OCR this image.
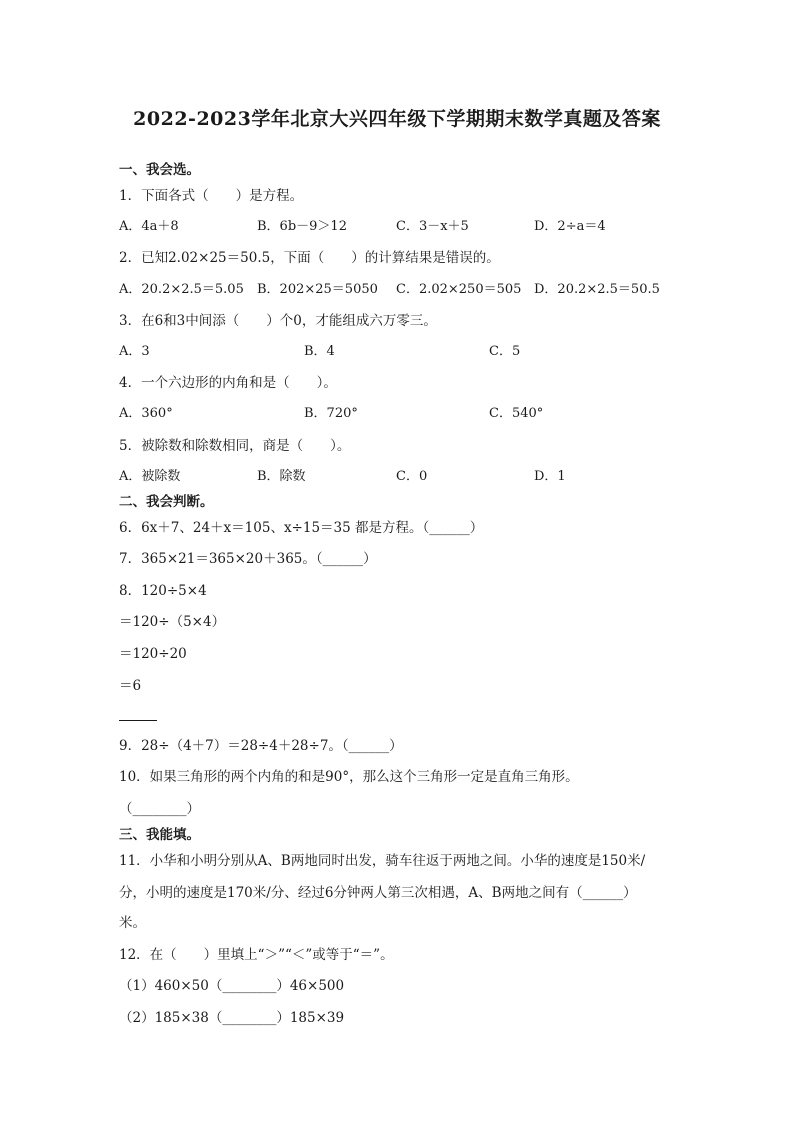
2022-2023学年北京大兴四年级下学期期末数学真题及答案
一、我会选。
1．下面各式（　　）是方程。
A．4a＋8	B．6b－9＞12	C．3－x＋5	D．2÷a＝4
2．已知2.02×25＝50.5，下面（　　）的计算结果是错误的。
A．20.2×2.5＝5.05 B．202×25＝5050 C．2.02×250＝505 D．20.2×2.5＝50.5
3．在6和3中间添（　　）个0，才能组成六万零三。
A．3	B．4	C．5
4．一个六边形的内角和是（　　）。
A．360°	B．720°	C．540°
5．被除数和除数相同，商是（　　）。
A．被除数	B．除数	C．0	D．1
二、我会判断。
6．6x＋7、24＋x＝105、x÷15＝35 都是方程。（______）
7．365×21＝365×20＋365。（______）
8．120÷5×4
＝120÷（5×4）
＝120÷20
＝6
9．28÷（4＋7）＝28÷4＋28÷7。（______）
10．如果三角形的两个内角的和是90°，那么这个三角形一定是直角三角形。
（________）
三、我能填。
11．小华和小明分别从A、B两地同时出发，骑车往返于两地之间。小华的速度是150米/
分，小明的速度是170米/分、经过6分钟两人第三次相遇，A、B两地之间有（______）
米。
12．在（　　）里填上“＞”“＜”或等于“＝”。
（1）460×50（________）46×500
（2）185×38（________）185×39
